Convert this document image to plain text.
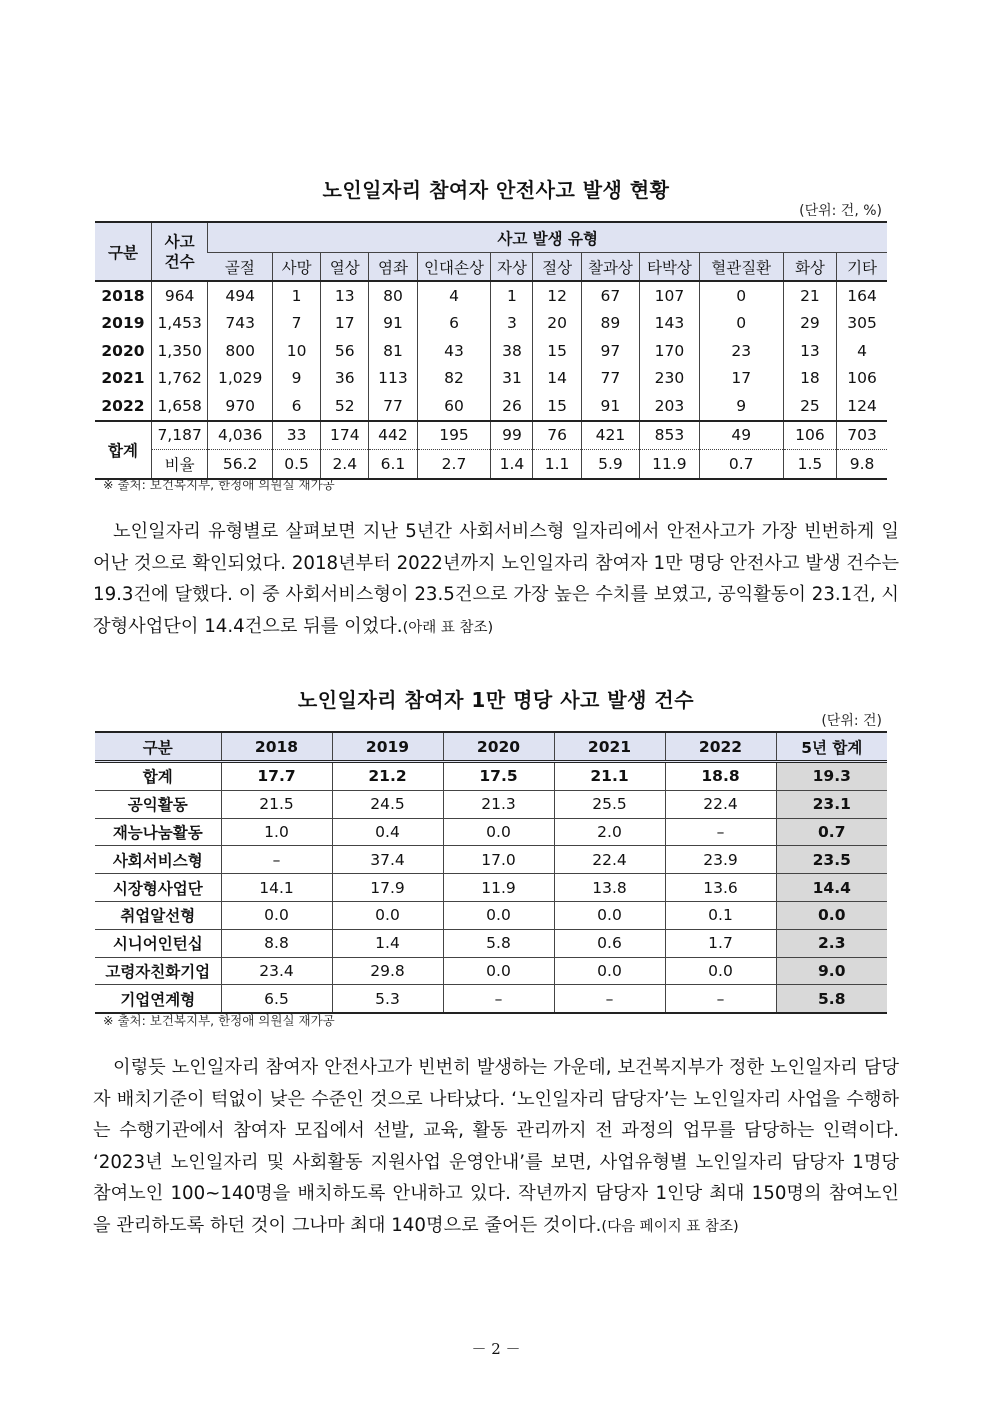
노인일자리 참여자 안전사고 발생 현황
(단위: 건, %)
구분	사고
건수	사고 발생 유형											
		골절	사망	열상	염좌	인대손상	자상	절상	찰과상	타박상	혈관질환	화상	기타
2018	964	494	1	13	80	4	1	12	67	107	0	21	164
2019	1,453	743	7	17	91	6	3	20	89	143	0	29	305
2020	1,350	800	10	56	81	43	38	15	97	170	23	13	4
2021	1,762	1,029	9	36	113	82	31	14	77	230	17	18	106
2022	1,658	970	6	52	77	60	26	15	91	203	9	25	124
합계	7,187	4,036	33	174	442	195	99	76	421	853	49	106	703
	비율	56.2	0.5	2.4	6.1	2.7	1.4	1.1	5.9	11.9	0.7	1.5	9.8
※ 출처: 보건복지부, 한정애 의원실 재가공
노인일자리 유형별로 살펴보면 지난 5년간 사회서비스형 일자리에서 안전사고가 가장 빈번하게 일어난 것으로 확인되었다. 2018년부터 2022년까지 노인일자리 참여자 1만 명당 안전사고 발생 건수는 19.3건에 달했다. 이 중 사회서비스형이 23.5건으로 가장 높은 수치를 보였고, 공익활동이 23.1건, 시장형사업단이 14.4건으로 뒤를 이었다.(아래 표 참조)
노인일자리 참여자 1만 명당 사고 발생 건수
(단위: 건)
구분	2018	2019	2020	2021	2022	5년 합계
합계	17.7	21.2	17.5	21.1	18.8	19.3
공익활동	21.5	24.5	21.3	25.5	22.4	23.1
재능나눔활동	1.0	0.4	0.0	2.0	–	0.7
사회서비스형	–	37.4	17.0	22.4	23.9	23.5
시장형사업단	14.1	17.9	11.9	13.8	13.6	14.4
취업알선형	0.0	0.0	0.0	0.0	0.1	0.0
시니어인턴십	8.8	1.4	5.8	0.6	1.7	2.3
고령자친화기업	23.4	29.8	0.0	0.0	0.0	9.0
기업연계형	6.5	5.3	–	–	–	5.8
※ 출처: 보건복지부, 한정애 의원실 재가공
이렇듯 노인일자리 참여자 안전사고가 빈번히 발생하는 가운데, 보건복지부가 정한 노인일자리 담당자 배치기준이 턱없이 낮은 수준인 것으로 나타났다. ‘노인일자리 담당자’는 노인일자리 사업을 수행하는 수행기관에서 참여자 모집에서 선발, 교육, 활동 관리까지 전 과정의 업무를 담당하는 인력이다. ‘2023년 노인일자리 및 사회활동 지원사업 운영안내’를 보면, 사업유형별 노인일자리 담당자 1명당 참여노인 100~140명을 배치하도록 안내하고 있다. 작년까지 담당자 1인당 최대 150명의 참여노인을 관리하도록 하던 것이 그나마 최대 140명으로 줄어든 것이다.(다음 페이지 표 참조)
－ 2 －
